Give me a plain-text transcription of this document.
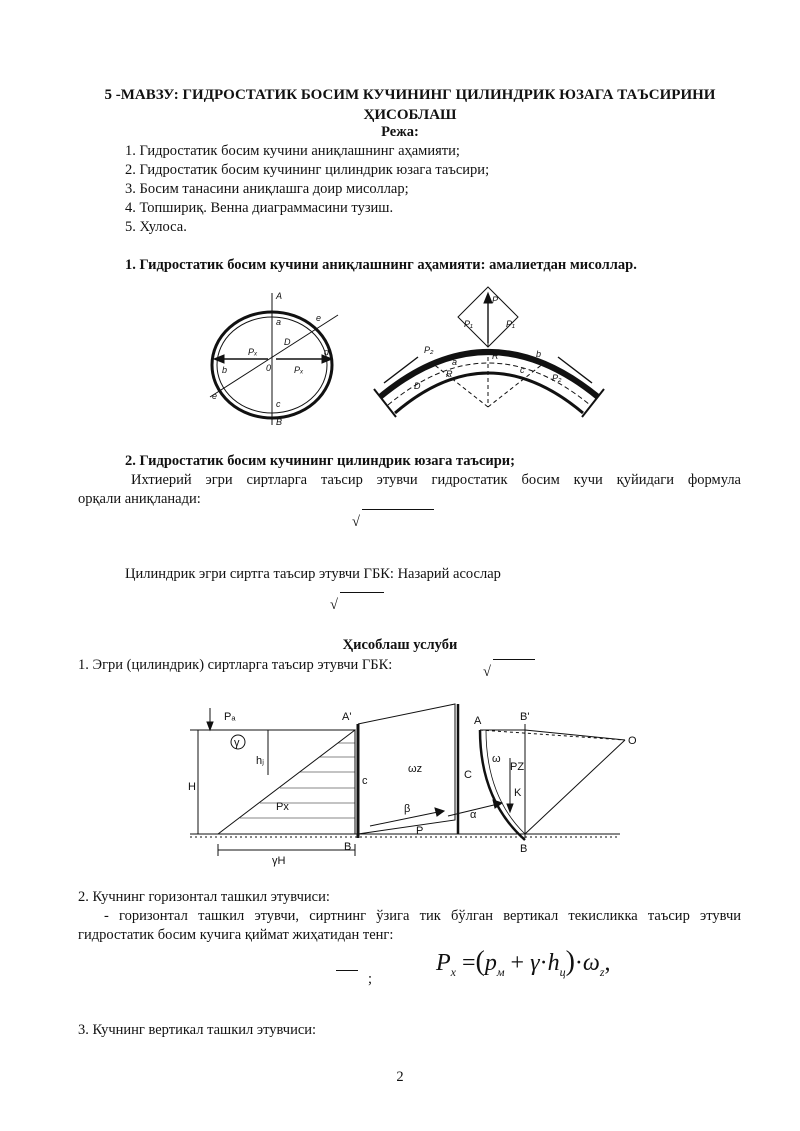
5 -МАВЗУ: ГИДРОСТАТИК БОСИМ КУЧИНИНГ ЦИЛИНДРИК ЮЗАГА ТАЪСИРИНИ
ҲИСОБЛАШ
Режа:
1. Гидростатик босим кучини аниқлашнинг аҳамияти;
2. Гидростатик босим кучининг цилиндрик юзага таъсири;
3. Босим танасини аниқлашга доир мисоллар;
4. Топшириқ. Венна диаграммасини тузиш.
5. Хулоса.
1. Гидростатик босим кучини аниқлашнинг аҳамияти: амалиетдан мисоллар.
A
a	e
D
d
Pₓ
Pₓ
0
b
e
c
B
P
P₁	P₁
R
R
D
a
b
c
P₂
P₂
2. Гидростатик босим кучининг цилиндрик юзага таъсири;
Ихтиерий эгри сиртларга таъсир этувчи гидростатик босим кучи қуйидаги формула
орқали аниқланади:
√
Цилиндрик эгри сиртга таъсир этувчи ГБК: Назарий асослар
√
Ҳисоблаш услуби
1. Эгри (цилиндрик) сиртларга таъсир этувчи ГБК:	√
Pₐ
γ
hⱼ
H
Px
A'
B
ωz
c
β
P
α
A	B'
O
ω
PZ
K
C
B
γH
2. Кучнинг горизонтал ташкил этувчиси:
- горизонтал ташкил этувчи, сиртнинг ўзига тик бўлган вертикал текисликка таъсир этувчи
гидростатик босим кучига қиймат жиҳатидан тенг:
;
$P_x =(p_м + \gamma\cdot h_ц)\cdot\omega_z$,
3. Кучнинг вертикал ташкил этувчиси:
2
